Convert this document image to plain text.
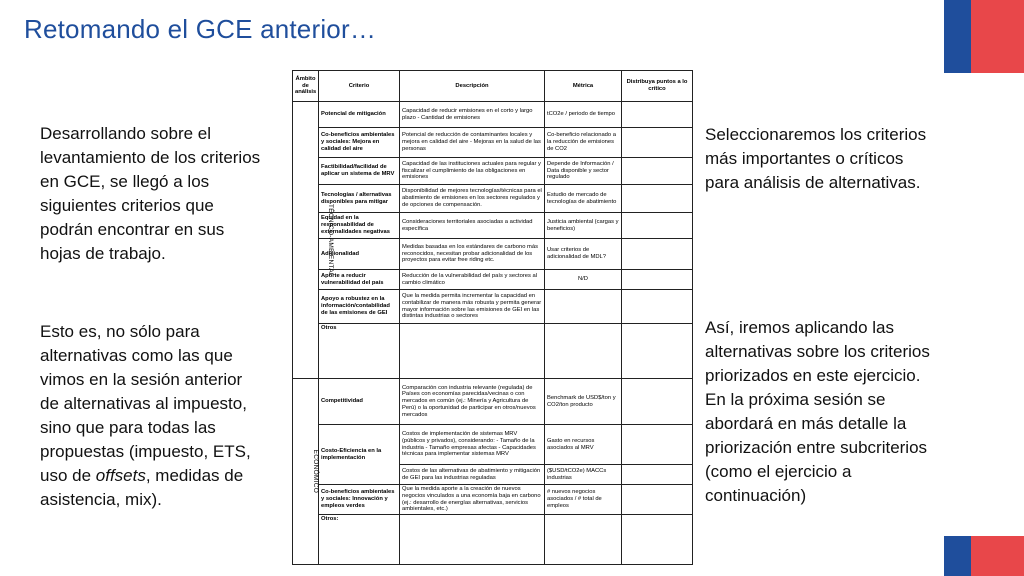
Retomando el GCE anterior…
Desarrollando sobre el levantamiento de los criterios en GCE, se llegó a los siguientes criterios que podrán encontrar en sus hojas de trabajo.
Esto es, no sólo para alternativas como las que vimos en la sesión anterior de alternativas al impuesto, sino que para todas las propuestas (impuesto, ETS, uso de offsets, medidas de asistencia, mix).
Seleccionaremos los criterios más importantes o críticos para análisis de alternativas.
Así, iremos aplicando las alternativas sobre los criterios priorizados en este ejercicio. En la próxima sesión se abordará en más detalle la priorización entre subcriterios (como el ejercicio a continuación)
Ámbito de análisis	Criterio	Descripción	Métrica	Distribuya puntos a lo crítico
TÉCNICO-AMBIENTAL	Potencial de mitigación	Capacidad de reducir emisiones en el corto y largo plazo - Cantidad de emisiones	tCO2e / periodo de tiempo	
	Co-beneficios ambientales y sociales: Mejora en calidad del aire	Potencial de reducción de contaminantes locales y mejora en calidad del aire - Mejoras en la salud de las personas	Co-beneficio relacionado a la reducción de emisiones de CO2	
	Factibilidad/facilidad de aplicar un sistema de MRV	Capacidad de las instituciones actuales para regular y fiscalizar el cumplimiento de las obligaciones en emisiones	Depende de Información / Data disponible y sector regulado	
	Tecnologías / alternativas disponibles para mitigar	Disponibilidad de mejores tecnologías/técnicas para el abatimiento de emisiones en los sectores regulados y de opciones de compensación.	Estudio de mercado de tecnologías de abatimiento	
	Equidad en la responsabilidad de externalidades negativas	Consideraciones territoriales asociadas a actividad específica	Justicia ambiental (cargas y beneficios)	
	Adicionalidad	Medidas basadas en los estándares de carbono más reconocidos, necesitan probar adicionalidad de los proyectos para evitar free riding etc.	Usar criterios de adicionalidad de MDL?	
	Aporte a reducir vulnerabilidad del país	Reducción de la vulnerabilidad del país y sectores al cambio climático	N/D	
	Apoyo a robustez en la información/contabilidad de las emisiones de GEI	Que la medida permita incrementar la capacidad en contabilizar de manera más robusta y permita generar mayor información sobre las emisiones de GEI en las distintas industrias o sectores		
	Otros			
ECONÓMICO	Competitividad	Comparación con industria relevante (regulada) de Países con economías parecidas/vecinas o con mercados en común (ej.: Minería y Agricultura de Perú) o la oportunidad de participar en otros/nuevos mercados	Benchmark de USD$/ton y CO2/ton producto	
	Costo-Eficiencia en la implementación	Costos de implementación de sistemas MRV (públicos y privados), considerando: - Tamaño de la industria - Tamaño empresas afectas - Capacidades técnicas para implementar sistemas MRV	Gasto en recursos asociados al MRV	
		Costos de las alternativas de abatimiento y mitigación de GEI para las industrias reguladas	($USD/tCO2e) MACCs industrias	
	Co-beneficios ambientales y sociales: Innovación y empleos verdes	Que la medida aporte a la creación de nuevos negocios vinculados a una economía baja en carbono (ej.: desarrollo de energías alternativas, servicios ambientales, etc.)	# nuevos negocios asociados / # total de empleos	
	Otros:			
